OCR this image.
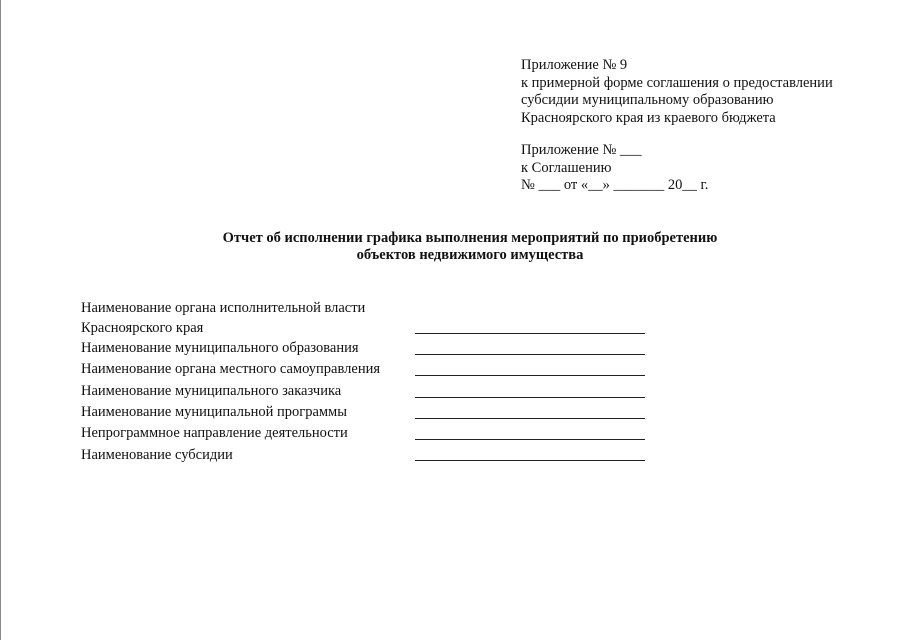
Приложение № 9
к примерной форме соглашения о предоставлении
субсидии муниципальному образованию
Красноярского края из краевого бюджета
Приложение № ___
к Соглашению
№ ___ от «__» _______ 20__ г.
Отчет об исполнении графика выполнения мероприятий по приобретению
объектов недвижимого имущества
Наименование органа исполнительной власти
Красноярского края
Наименование муниципального образования
Наименование органа местного самоуправления
Наименование муниципального заказчика
Наименование муниципальной программы
Непрограммное направление деятельности
Наименование субсидии
